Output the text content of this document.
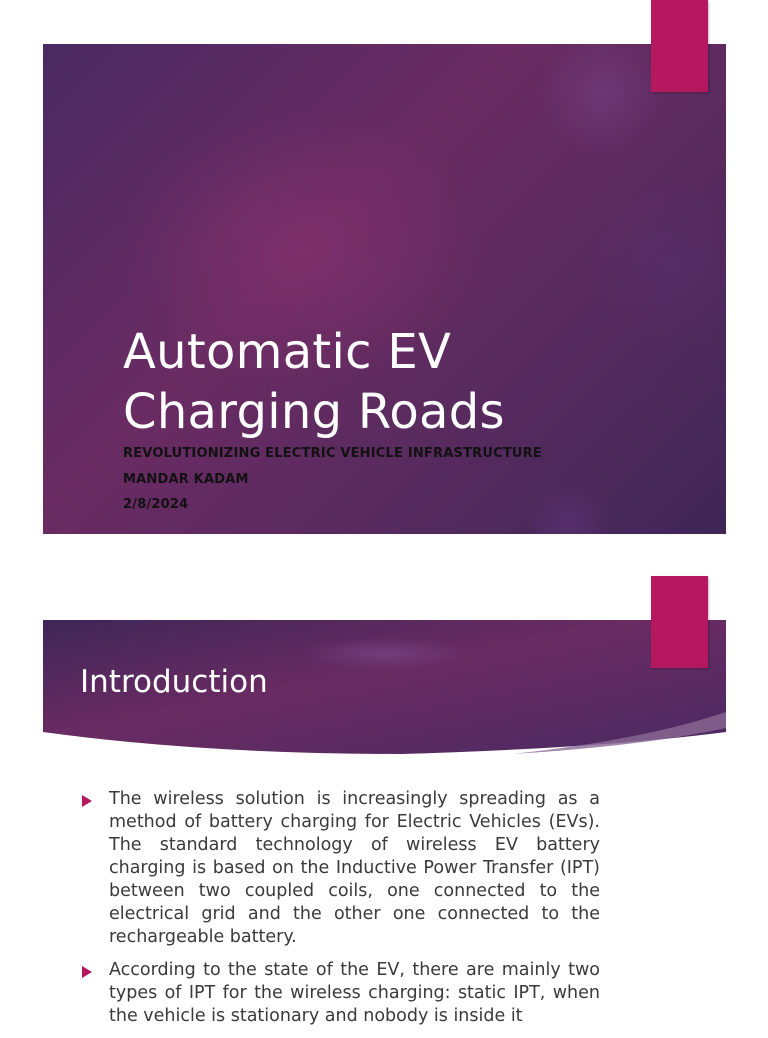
Automatic EV
Charging Roads
REVOLUTIONIZING ELECTRIC VEHICLE INFRASTRUCTURE
MANDAR KADAM
2/8/2024
Introduction
The wireless solution is increasingly spreading as a method of battery charging for Electric Vehicles (EVs). The standard technology of wireless EV battery charging is based on the Inductive Power Transfer (IPT) between two coupled coils, one connected to the electrical grid and the other one connected to the rechargeable battery.
According to the state of the EV, there are mainly two types of IPT for the wireless charging: static IPT, when the vehicle is stationary and nobody is inside it
